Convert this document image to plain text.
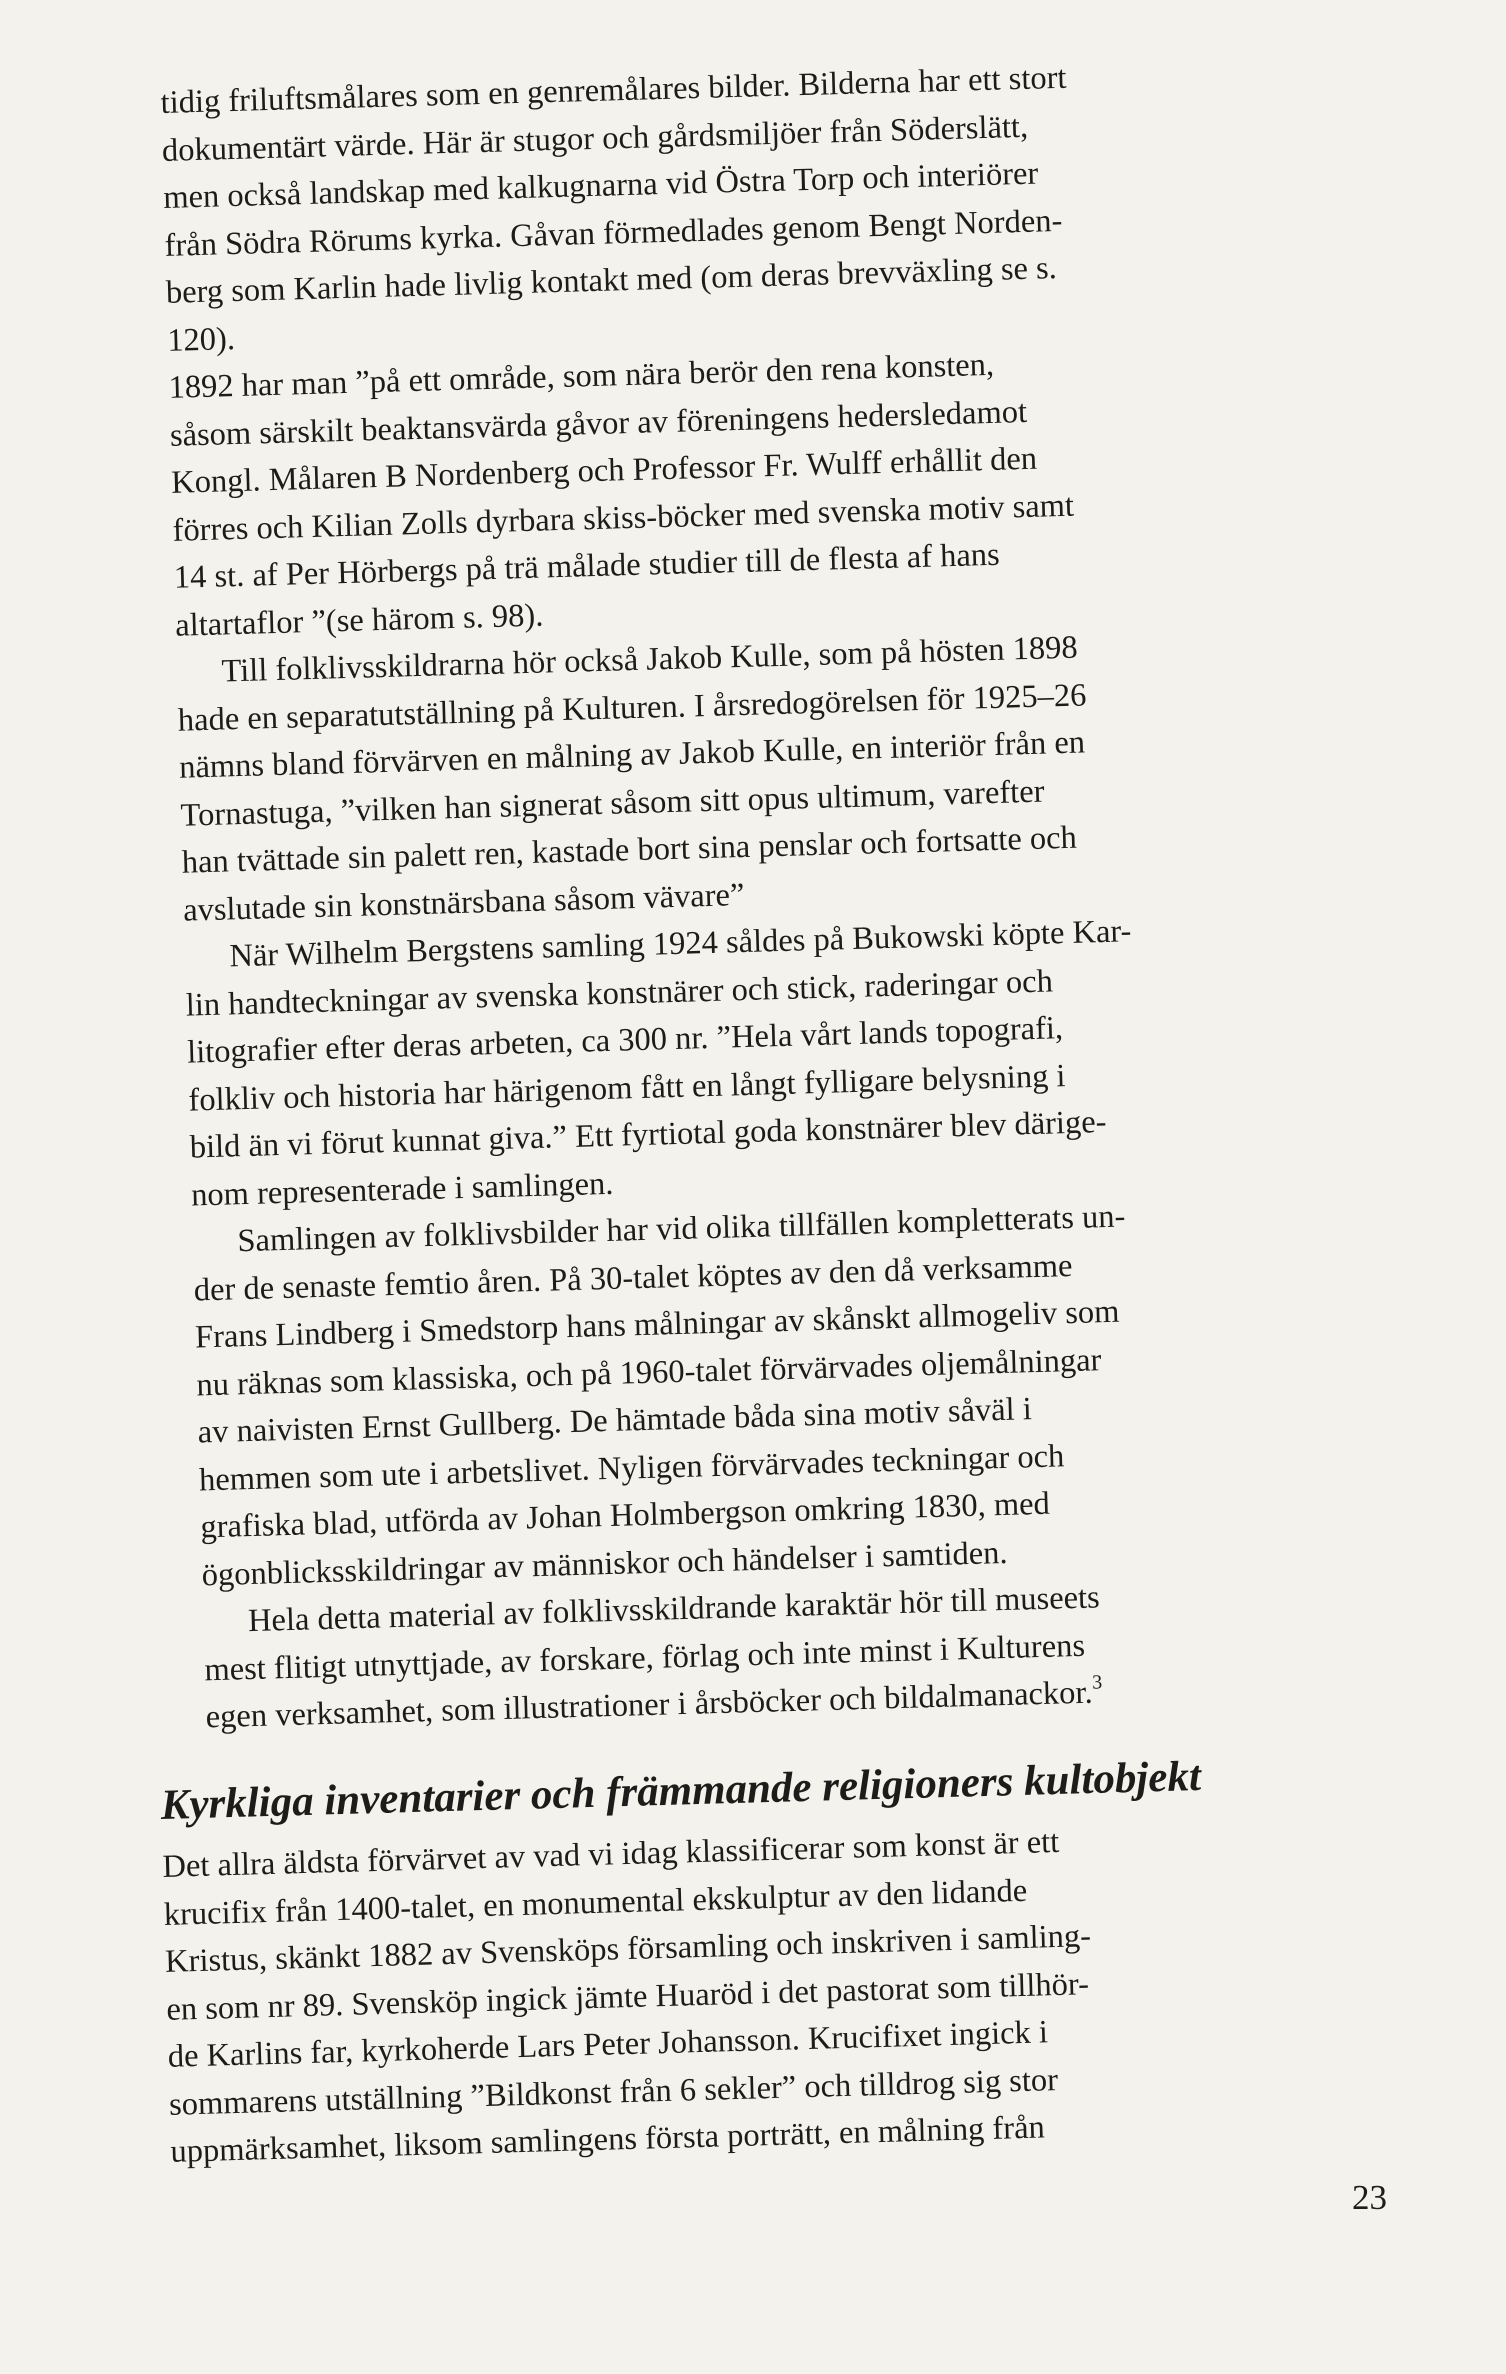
tidig friluftsmålares som en genremålares bilder. Bilderna har ett stort
dokumentärt värde. Här är stugor och gårdsmiljöer från Söderslätt,
men också landskap med kalkugnarna vid Östra Torp och interiörer
från Södra Rörums kyrka. Gåvan förmedlades genom Bengt Norden-
berg som Karlin hade livlig kontakt med (om deras brevväxling se s.
120).

1892 har man ”på ett område, som nära berör den rena konsten,
såsom särskilt beaktansvärda gåvor av föreningens hedersledamot
Kongl. Målaren B Nordenberg och Professor Fr. Wulff erhållit den
förres och Kilian Zolls dyrbara skiss-böcker med svenska motiv samt
14 st. af Per Hörbergs på trä målade studier till de flesta af hans
altartaflor ”(se härom s. 98).

Till folklivsskildrarna hör också Jakob Kulle, som på hösten 1898
hade en separatutställning på Kulturen. I årsredogörelsen för 1925–26
nämns bland förvärven en målning av Jakob Kulle, en interiör från en
Tornastuga, ”vilken han signerat såsom sitt opus ultimum, varefter
han tvättade sin palett ren, kastade bort sina penslar och fortsatte och
avslutade sin konstnärsbana såsom vävare”

När Wilhelm Bergstens samling 1924 såldes på Bukowski köpte Kar-
lin handteckningar av svenska konstnärer och stick, raderingar och
litografier efter deras arbeten, ca 300 nr. ”Hela vårt lands topografi,
folkliv och historia har härigenom fått en långt fylligare belysning i
bild än vi förut kunnat giva.” Ett fyrtiotal goda konstnärer blev därige-
nom representerade i samlingen.

Samlingen av folklivsbilder har vid olika tillfällen kompletterats un-
der de senaste femtio åren. På 30-talet köptes av den då verksamme
Frans Lindberg i Smedstorp hans målningar av skånskt allmogeliv som
nu räknas som klassiska, och på 1960-talet förvärvades oljemålningar
av naivisten Ernst Gullberg. De hämtade båda sina motiv såväl i
hemmen som ute i arbetslivet. Nyligen förvärvades teckningar och
grafiska blad, utförda av Johan Holmbergson omkring 1830, med
ögonblicksskildringar av människor och händelser i samtiden.

Hela detta material av folklivsskildrande karaktär hör till museets
mest flitigt utnyttjade, av forskare, förlag och inte minst i Kulturens
egen verksamhet, som illustrationer i årsböcker och bildalmanackor.$^3$

Kyrkliga inventarier och främmande religioners kultobjekt

Det allra äldsta förvärvet av vad vi idag klassificerar som konst är ett
krucifix från 1400-talet, en monumental ekskulptur av den lidande
Kristus, skänkt 1882 av Svensköps församling och inskriven i samling-
en som nr 89. Svensköp ingick jämte Huaröd i det pastorat som tillhör-
de Karlins far, kyrkoherde Lars Peter Johansson. Krucifixet ingick i
sommarens utställning ”Bildkonst från 6 sekler” och tilldrog sig stor
uppmärksamhet, liksom samlingens första porträtt, en målning från

23
